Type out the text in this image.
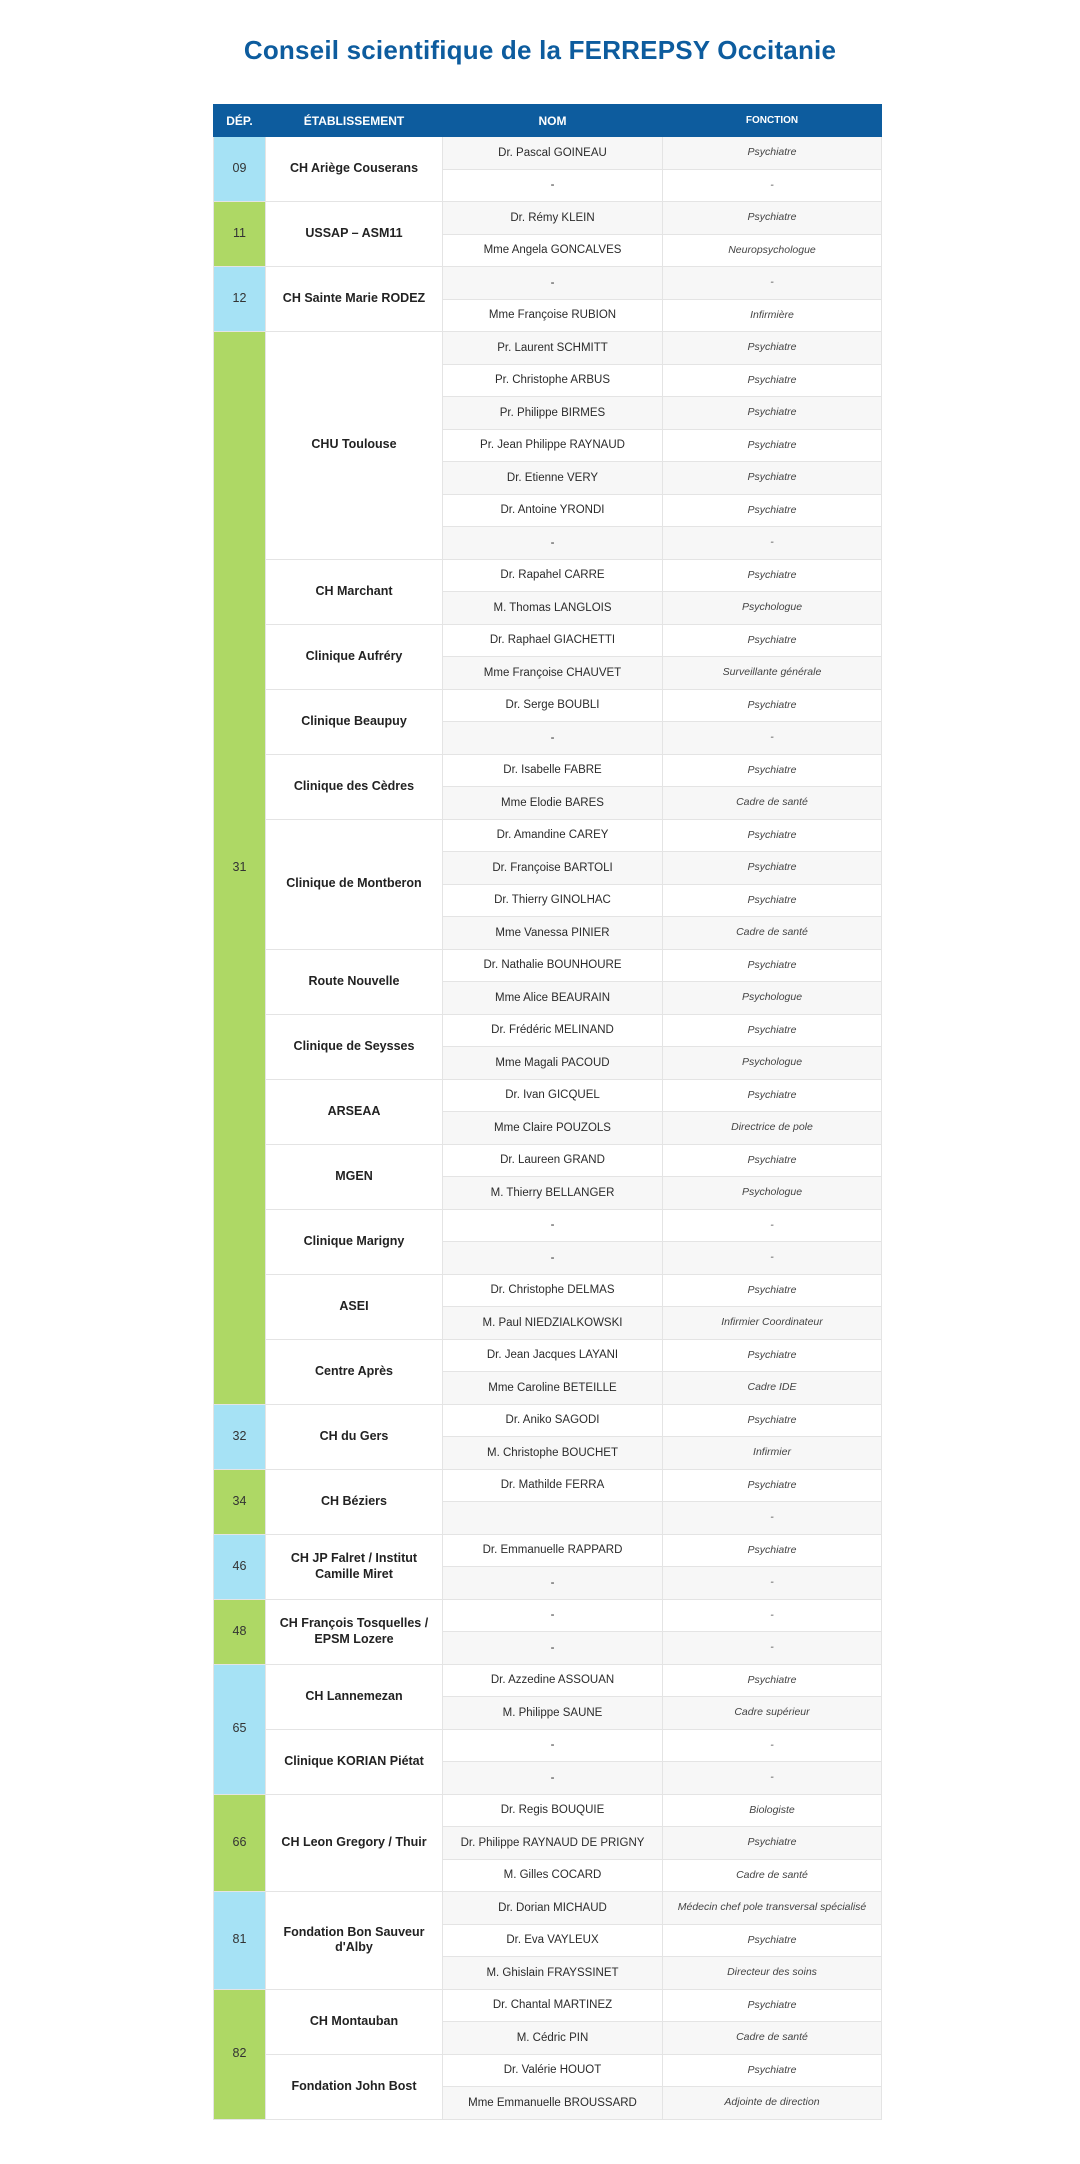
Conseil scientifique de la FERREPSY Occitanie
DÉP.	ÉTABLISSEMENT	NOM	FONCTION
09	CH Ariège Couserans	Dr. Pascal GOINEAU	Psychiatre
		-	-
11	USSAP – ASM11	Dr. Rémy KLEIN	Psychiatre
		Mme Angela GONCALVES	Neuropsychologue
12	CH Sainte Marie RODEZ	-	-
		Mme Françoise RUBION	Infirmière
31	CHU Toulouse	Pr. Laurent SCHMITT	Psychiatre
		Pr. Christophe ARBUS	Psychiatre
		Pr. Philippe BIRMES	Psychiatre
		Pr. Jean Philippe RAYNAUD	Psychiatre
		Dr. Etienne VERY	Psychiatre
		Dr. Antoine YRONDI	Psychiatre
		-	-
	CH Marchant	Dr. Rapahel CARRE	Psychiatre
		M. Thomas LANGLOIS	Psychologue
	Clinique Aufréry	Dr. Raphael GIACHETTI	Psychiatre
		Mme Françoise CHAUVET	Surveillante générale
	Clinique Beaupuy	Dr. Serge BOUBLI	Psychiatre
		-	-
	Clinique des Cèdres	Dr. Isabelle FABRE	Psychiatre
		Mme Elodie BARES	Cadre de santé
	Clinique de Montberon	Dr. Amandine CAREY	Psychiatre
		Dr. Françoise BARTOLI	Psychiatre
		Dr. Thierry GINOLHAC	Psychiatre
		Mme Vanessa PINIER	Cadre de santé
	Route Nouvelle	Dr. Nathalie BOUNHOURE	Psychiatre
		Mme Alice BEAURAIN	Psychologue
	Clinique de Seysses	Dr. Frédéric MELINAND	Psychiatre
		Mme Magali PACOUD	Psychologue
	ARSEAA	Dr. Ivan GICQUEL	Psychiatre
		Mme Claire POUZOLS	Directrice de pole
	MGEN	Dr. Laureen GRAND	Psychiatre
		M. Thierry BELLANGER	Psychologue
	Clinique Marigny	-	-
		-	-
	ASEI	Dr. Christophe DELMAS	Psychiatre
		M. Paul NIEDZIALKOWSKI	Infirmier Coordinateur
	Centre Après	Dr. Jean Jacques LAYANI	Psychiatre
		Mme Caroline BETEILLE	Cadre IDE
32	CH du Gers	Dr. Aniko SAGODI	Psychiatre
		M. Christophe BOUCHET	Infirmier
34	CH Béziers	Dr. Mathilde FERRA	Psychiatre
			-
46	CH JP Falret / Institut Camille Miret	Dr. Emmanuelle RAPPARD	Psychiatre
		-	-
48	CH François Tosquelles / EPSM Lozere	-	-
		-	-
65	CH Lannemezan	Dr. Azzedine ASSOUAN	Psychiatre
		M. Philippe SAUNE	Cadre supérieur
	Clinique KORIAN Piétat	-	-
		-	-
66	CH Leon Gregory / Thuir	Dr. Regis BOUQUIE	Biologiste
		Dr. Philippe RAYNAUD DE PRIGNY	Psychiatre
		M. Gilles COCARD	Cadre de santé
81	Fondation Bon Sauveur d'Alby	Dr. Dorian MICHAUD	Médecin chef pole transversal spécialisé
		Dr. Eva VAYLEUX	Psychiatre
		M. Ghislain FRAYSSINET	Directeur des soins
82	CH Montauban	Dr. Chantal MARTINEZ	Psychiatre
		M. Cédric PIN	Cadre de santé
	Fondation John Bost	Dr. Valérie HOUOT	Psychiatre
		Mme Emmanuelle BROUSSARD	Adjointe de direction
